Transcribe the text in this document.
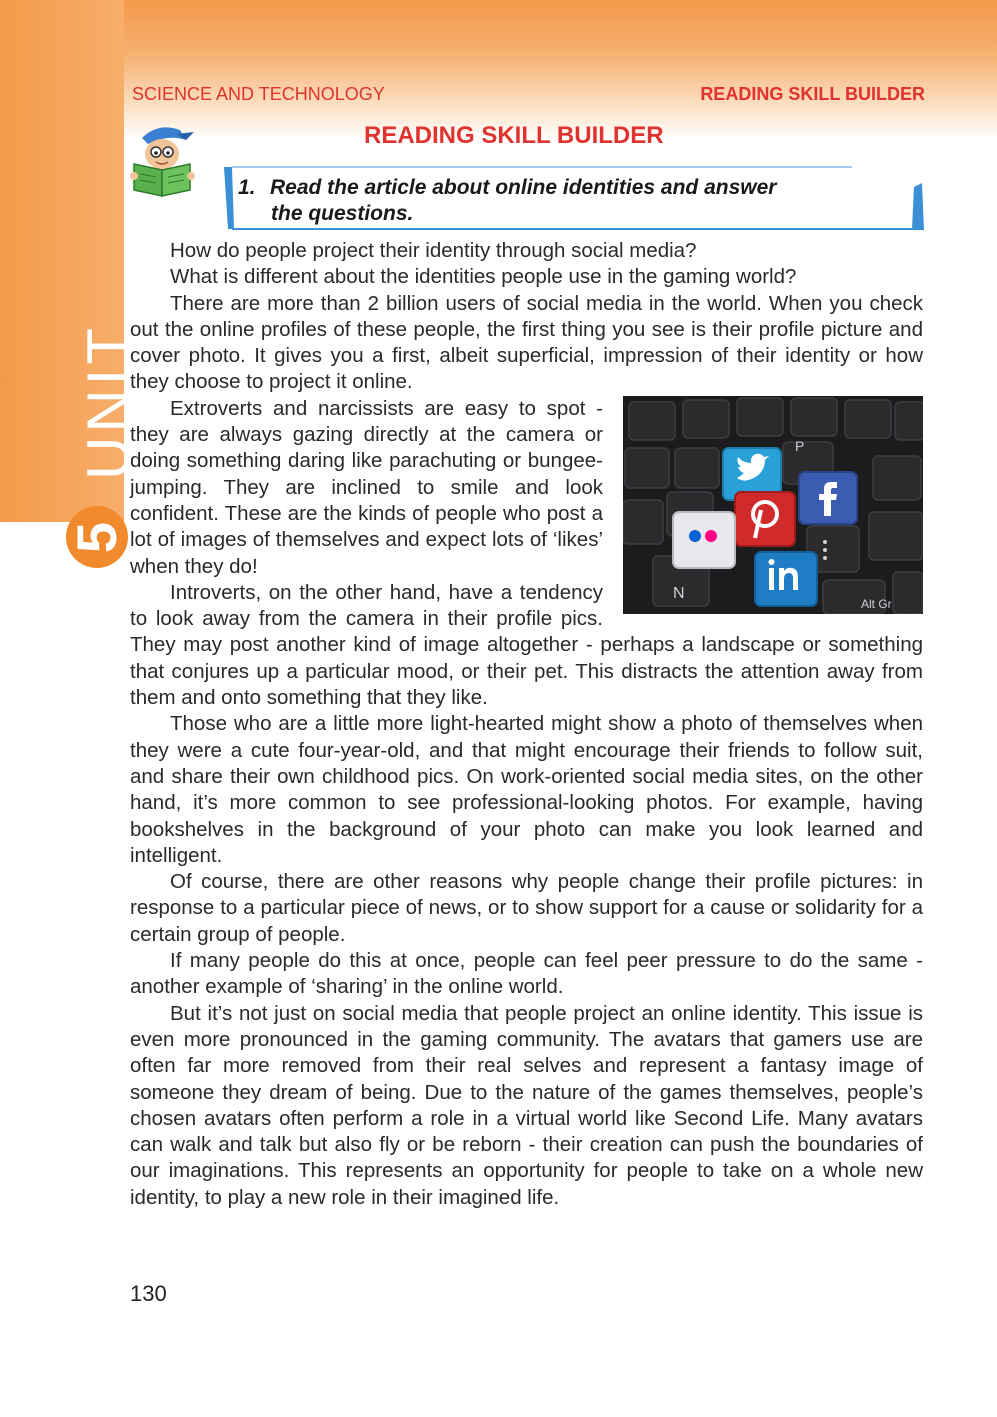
UNIT
5
SCIENCE AND TECHNOLOGY	READING SKILL BUILDER
READING SKILL BUILDER
1. Read the article about online identities and answer
the questions.

How do people project their identity through social media?

What is different about the identities people use in the gaming world?

There are more than 2 billion users of social media in the world. When you check out the online profiles of these people, the first thing you see is their profile picture and cover photo. It gives you a first, albeit superficial, impression of their identity or how they choose to project it online.

P
N
Alt Gr

Extroverts and narcissists are easy to spot - they are always gazing directly at the camera or doing something daring like parachuting or bungee-jumping. They are inclined to smile and look confident. These are the kinds of people who post a lot of images of themselves and expect lots of ‘likes’ when they do!

Introverts, on the other hand, have a tendency to look away from the camera in their profile pics. They may post another kind of image altogether - perhaps a landscape or something that conjures up a particular mood, or their pet. This distracts the attention away from them and onto something that they like.

Those who are a little more light-hearted might show a photo of themselves when they were a cute four-year-old, and that might encourage their friends to follow suit, and share their own childhood pics. On work-oriented social media sites, on the other hand, it’s more common to see professional-looking photos. For example, having bookshelves in the background of your photo can make you look learned and intelligent.

Of course, there are other reasons why people change their profile pictures: in response to a particular piece of news, or to show support for a cause or solidarity for a certain group of people.

If many people do this at once, people can feel peer pressure to do the same - another example of ‘sharing’ in the online world.

But it’s not just on social media that people project an online identity. This issue is even more pronounced in the gaming community. The avatars that gamers use are often far more removed from their real selves and represent a fantasy image of someone they dream of being. Due to the nature of the games themselves, people’s chosen avatars often perform a role in a virtual world like Second Life. Many avatars can walk and talk but also fly or be reborn - their creation can push the boundaries of our imaginations. This represents an opportunity for people to take on a whole new identity, to play a new role in their imagined life.

130
